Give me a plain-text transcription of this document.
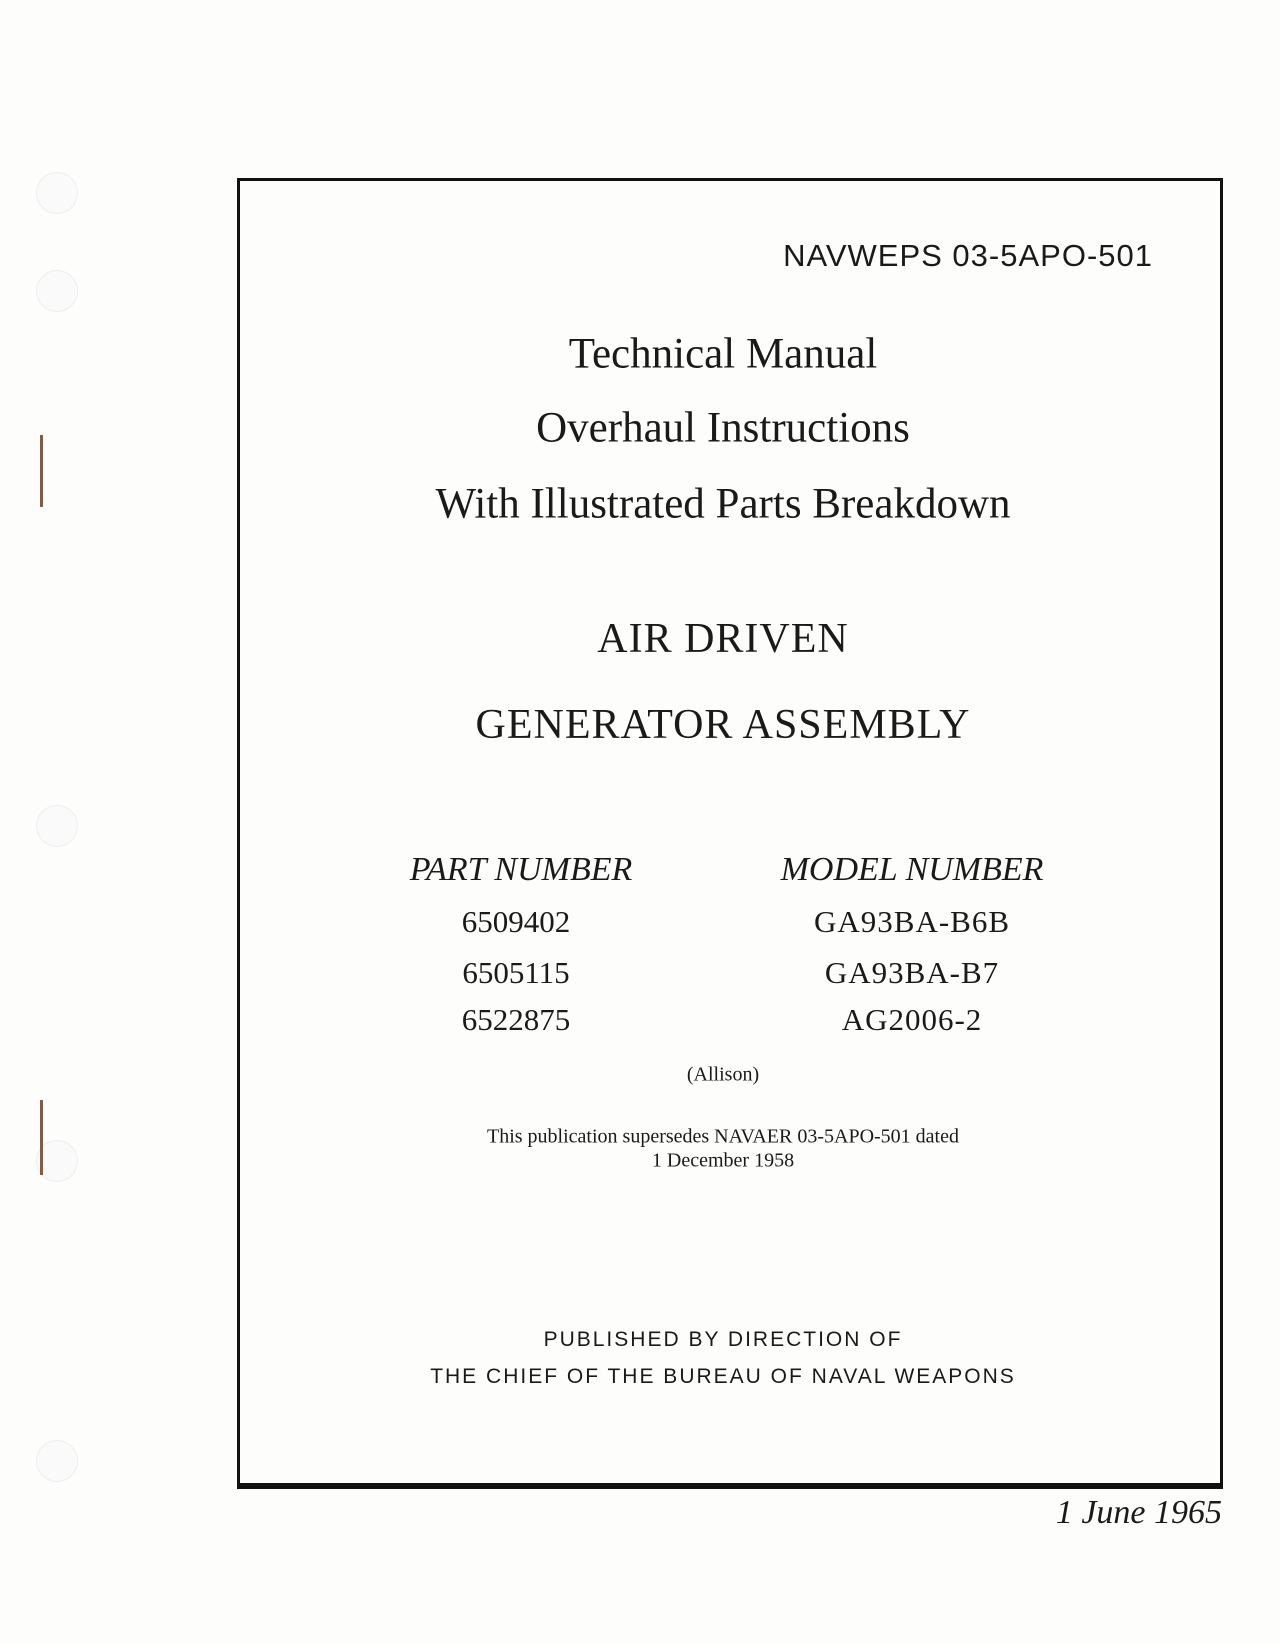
NAVWEPS 03-5APO-501
Technical Manual
Overhaul Instructions
With Illustrated Parts Breakdown
AIR DRIVEN
GENERATOR ASSEMBLY
PART NUMBER	MODEL NUMBER
6509402	GA93BA-B6B
6505115	GA93BA-B7
6522875	AG2006-2
(Allison)
This publication supersedes NAVAER 03-5APO-501 dated
1 December 1958
PUBLISHED BY DIRECTION OF
THE CHIEF OF THE BUREAU OF NAVAL WEAPONS
1 June 1965
